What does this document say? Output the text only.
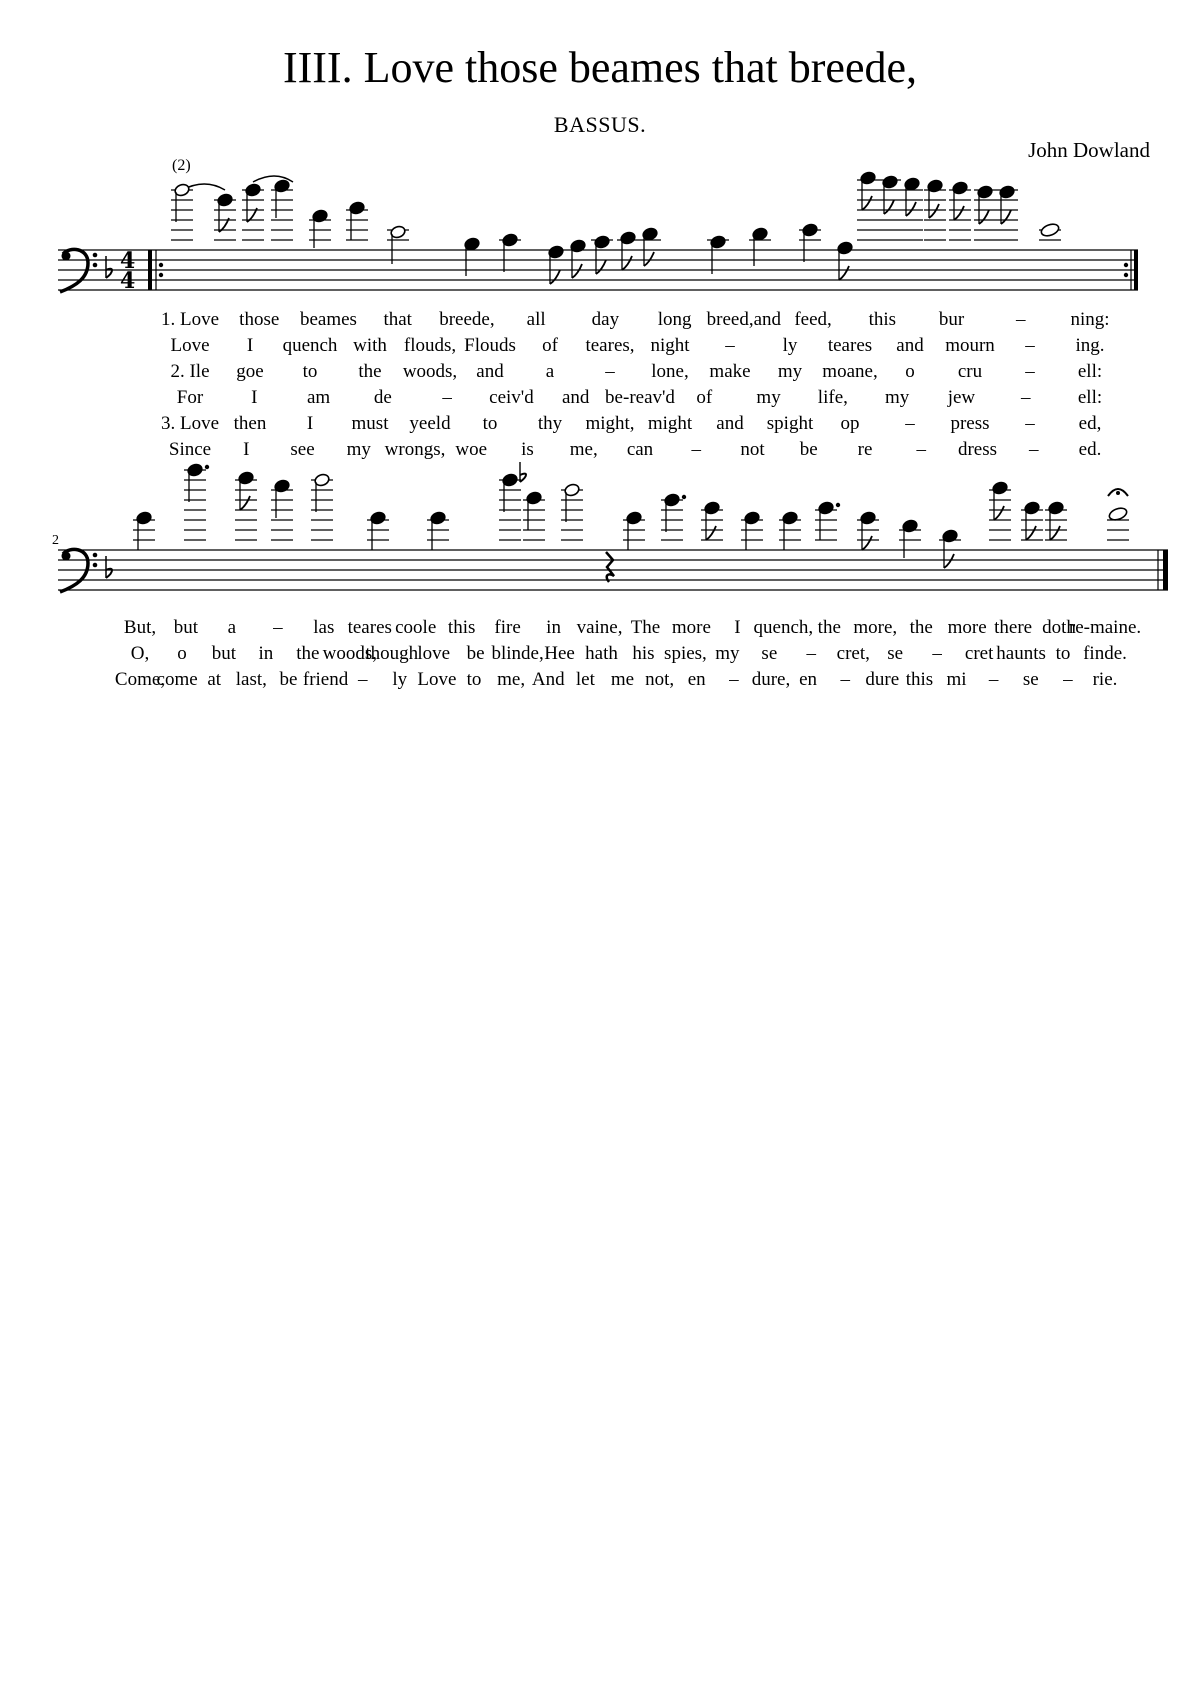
IIII. Love those beames that breede,
BASSUS.
John Dowland
(2)
4
4
1. Love those beames that breede, all day long breed,and feed, this bur	– ning:
Love I quench with flouds, Flouds of teares, night –	ly teares and mourn – ing.
2. Ile goe to the woods, and a	– lone, make my moane, o cru – ell:
For	I	am de	– ceiv'd and be-reav'd of my life, my jew – ell:
3. Love then I must yeeld to thy might, might and spight op – press – ed,
Since I see my wrongs, woe is me, can – not be re – dress – ed.
2
But, but a – las teares coole this fire in vaine, The more I quench, the more, the more there doth
re-maine.
O, o but in the woods,
though love be blinde, Hee hath his spies, my se – cret, se – cret haunts to finde.
Come,
come at last, be friend – ly Love to me, And let me not, en – dure, en – dure this mi – se – rie.
